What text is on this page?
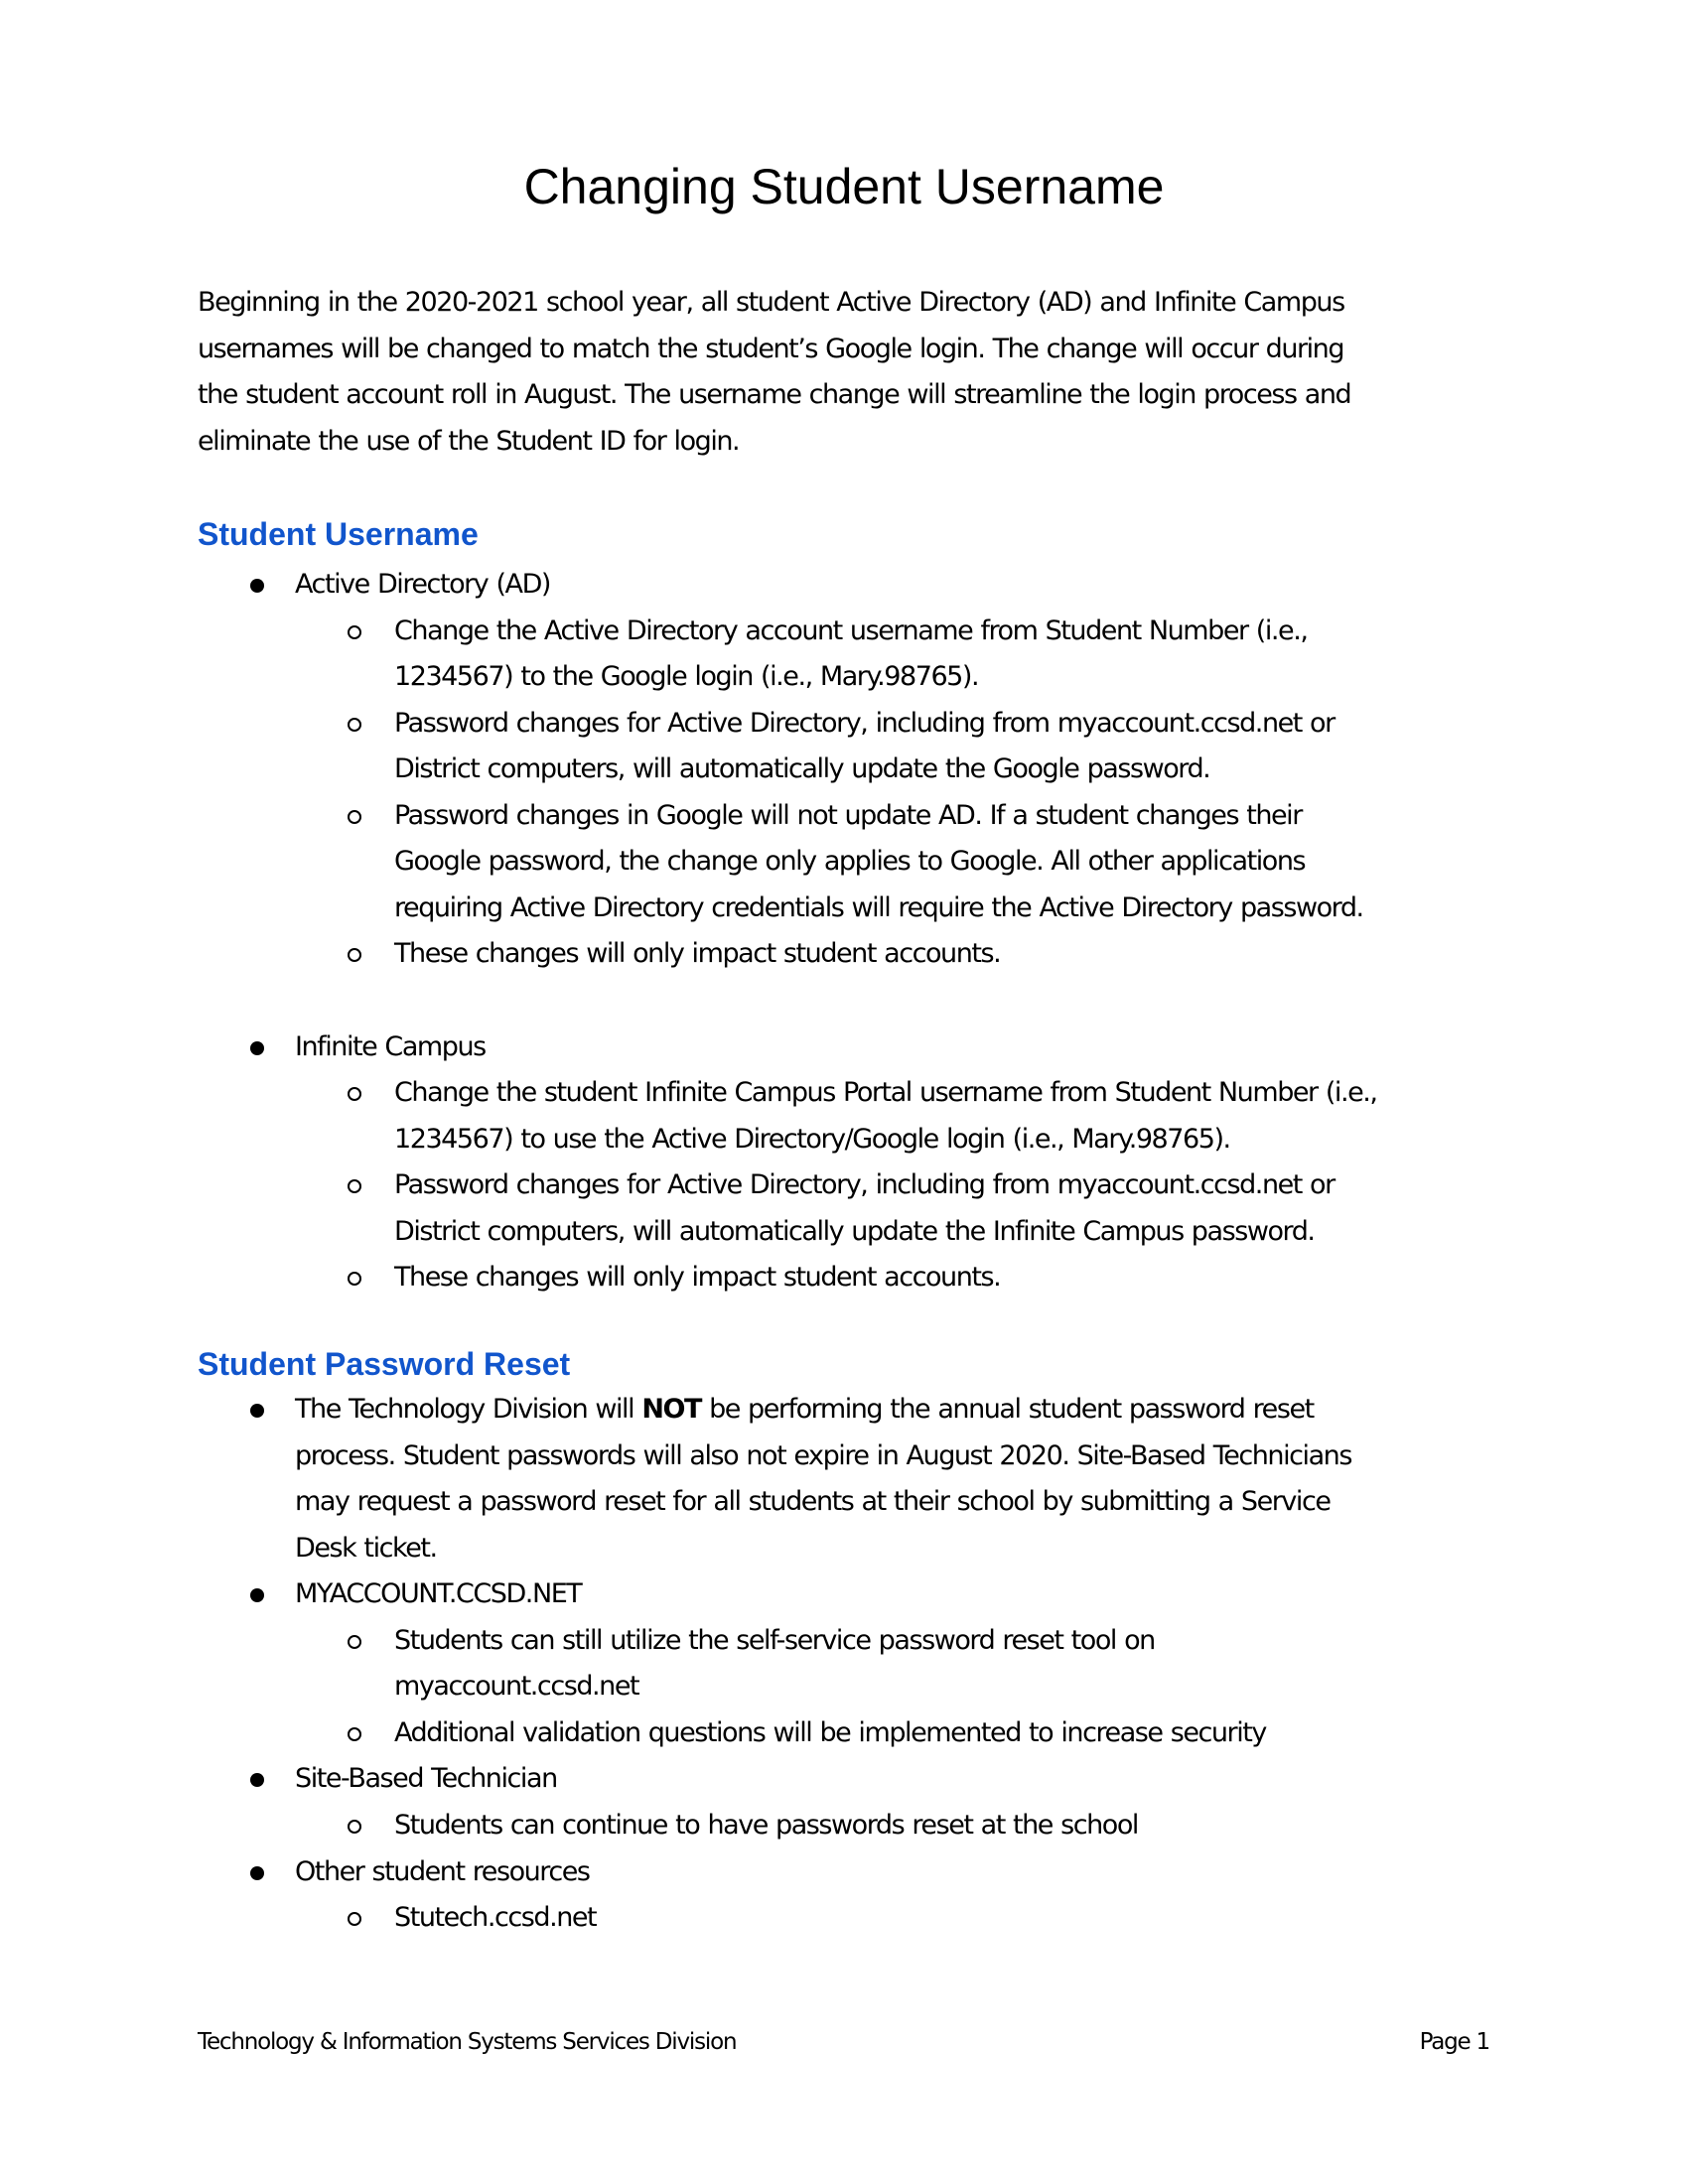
Changing Student Username
Beginning in the 2020-2021 school year, all student Active Directory (AD) and Infinite Campus
usernames will be changed to match the student’s Google login. The change will occur during
the student account roll in August. The username change will streamline the login process and
eliminate the use of the Student ID for login.
Student Username
Active Directory (AD)
Change the Active Directory account username from Student Number (i.e.,
1234567) to the Google login (i.e., Mary.98765).
Password changes for Active Directory, including from myaccount.ccsd.net or
District computers, will automatically update the Google password.
Password changes in Google will not update AD. If a student changes their
Google password, the change only applies to Google. All other applications
requiring Active Directory credentials will require the Active Directory password.
These changes will only impact student accounts.
Infinite Campus
Change the student Infinite Campus Portal username from Student Number (i.e.,
1234567) to use the Active Directory/Google login (i.e., Mary.98765).
Password changes for Active Directory, including from myaccount.ccsd.net or
District computers, will automatically update the Infinite Campus password.
These changes will only impact student accounts.
Student Password Reset
The Technology Division will NOT be performing the annual student password reset
process. Student passwords will also not expire in August 2020. Site-Based Technicians
may request a password reset for all students at their school by submitting a Service
Desk ticket.
MYACCOUNT.CCSD.NET
Students can still utilize the self-service password reset tool on
myaccount.ccsd.net
Additional validation questions will be implemented to increase security
Site-Based Technician
Students can continue to have passwords reset at the school
Other student resources
Stutech.ccsd.net
Technology & Information Systems Services Division	Page 1
